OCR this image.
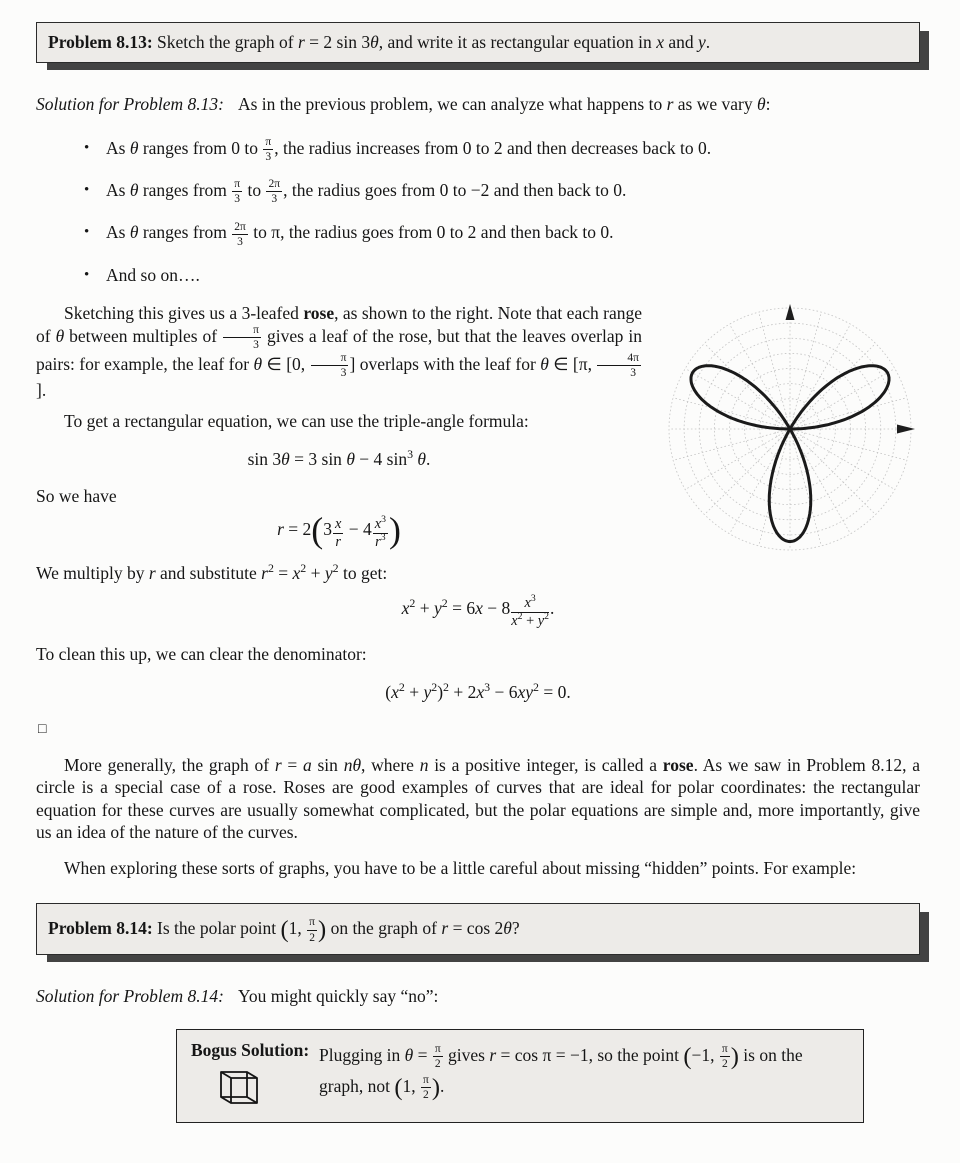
Problem 8.13: Sketch the graph of r = 2 sin 3θ, and write it as rectangular equation in x and y.

Solution for Problem 8.13: As in the previous problem, we can analyze what happens to r as we vary θ:

• As θ ranges from 0 to $\frac{\pi}{3}$ , the radius increases from 0 to 2 and then decreases back to 0.
• As θ ranges from $\frac{\pi}{3}$ to $\frac{2\pi}{3}$ , the radius goes from 0 to −2 and then back to 0.
• As θ ranges from $\frac{2\pi}{3}$ to π, the radius goes from 0 to 2 and then back to 0.
• And so on….

Sketching this gives us a 3-leafed rose, as shown to the right. Note that each range of θ between multiples of $\frac{\pi}{3}$ gives a leaf of the rose, but that the leaves overlap in pairs: for example, the leaf for θ ∈ [0, $\frac{\pi}{3}$ ] overlaps with the leaf for θ ∈ [π, $\frac{4\pi}{3}$
].

To get a rectangular equation, we can use the triple-angle formula:

sin 3θ = 3 sin θ − 4 $\sin^3 \theta$.

So we have

$r = 2(3 \frac{x}{r} - 4 \frac{x^3}{r^3}$ )

We multiply by r and substitute $r^2 = x^2 + y^2$ to get:

$x^2 + y^2 = 6x - 8 \frac{x^3}{x^2 + y^2}$ .

To clean this up, we can clear the denominator:

$(x^2 + y^2)^2 + 2x^3 - 6xy^2 = 0$.

□

More generally, the graph of r = a sin nθ, where n is a positive integer, is called a rose. As we saw in Problem 8.12, a circle is a special case of a rose. Roses are good examples of curves that are ideal for polar coordinates: the rectangular equation for these curves are usually somewhat complicated, but the polar equations are simple and, more importantly, give us an idea of the nature of the curves.

When exploring these sorts of graphs, you have to be a little careful about missing “hidden” points. For example:

Problem 8.14: Is the polar point (1, $\frac{\pi}{2}$ ) on the graph of r = cos 2θ?

Solution for Problem 8.14: You might quickly say “no”:

Bogus Solution: Plugging in $\theta = \frac{\pi}{2}$ gives r = cos π = −1, so the point (−1, $\frac{\pi}{2}$ ) is on the graph, not (1, $\frac{\pi}{2}$ ).
